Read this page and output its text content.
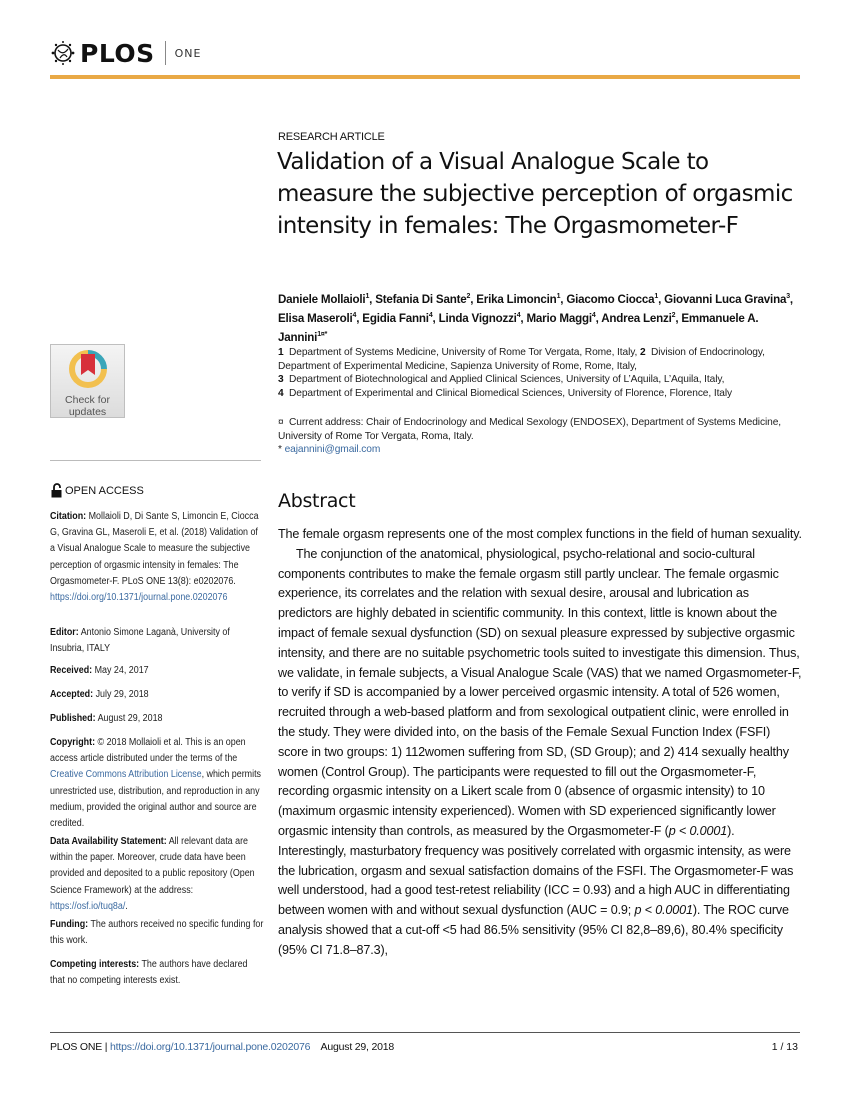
PLOS ONE
Check for
updates
OPEN ACCESS
Citation: Mollaioli D, Di Sante S, Limoncin E, Ciocca G, Gravina GL, Maseroli E, et al. (2018) Validation of a Visual Analogue Scale to measure the subjective perception of orgasmic intensity in females: The Orgasmometer-F. PLoS ONE 13(8): e0202076. https://doi.org/10.1371/journal.pone.0202076
Editor: Antonio Simone Laganà, University of Insubria, ITALY
Received: May 24, 2017
Accepted: July 29, 2018
Published: August 29, 2018
Copyright: © 2018 Mollaioli et al. This is an open access article distributed under the terms of the Creative Commons Attribution License, which permits unrestricted use, distribution, and reproduction in any medium, provided the original author and source are credited.
Data Availability Statement: All relevant data are within the paper. Moreover, crude data have been provided and deposited to a public repository (Open Science Framework) at the address: https://osf.io/tuq8a/.
Funding: The authors received no specific funding for this work.
Competing interests: The authors have declared that no competing interests exist.
RESEARCH ARTICLE
Validation of a Visual Analogue Scale to measure the subjective perception of orgasmic intensity in females: The Orgasmometer-F
Daniele Mollaioli$^1$, Stefania Di Sante$^2$, Erika Limoncin$^1$, Giacomo Ciocca$^1$, Giovanni Luca Gravina$^3$, Elisa Maseroli$^4$, Egidia Fanni$^4$, Linda Vignozzi$^4$, Mario Maggi$^4$, Andrea Lenzi$^2$, Emmanuele A. Jannini$^{1¤*}$
1 Department of Systems Medicine, University of Rome Tor Vergata, Rome, Italy, 2 Division of Endocrinology, Department of Experimental Medicine, Sapienza University of Rome, Rome, Italy,
3 Department of Biotechnological and Applied Clinical Sciences, University of L’Aquila, L’Aquila, Italy,
4 Department of Experimental and Clinical Biomedical Sciences, University of Florence, Florence, Italy
¤ Current address: Chair of Endocrinology and Medical Sexology (ENDOSEX), Department of Systems Medicine, University of Rome Tor Vergata, Roma, Italy.
* eajannini@gmail.com
Abstract

The female orgasm represents one of the most complex functions in the field of human sexuality.

The conjunction of the anatomical, physiological, psycho-relational and socio-cultural components contributes to make the female orgasm still partly unclear. The female orgasmic experience, its correlates and the relation with sexual desire, arousal and lubrication as predictors are highly debated in scientific community. In this context, little is known about the impact of female sexual dysfunction (SD) on sexual pleasure expressed by subjective orgasmic intensity, and there are no suitable psychometric tools suited to investigate this dimension. Thus, we validate, in female subjects, a Visual Analogue Scale (VAS) that we named Orgasmometer-F, to verify if SD is accompanied by a lower perceived orgasmic intensity. A total of 526 women, recruited through a web-based platform and from sexological outpatient clinic, were enrolled in the study. They were divided into, on the basis of the Female Sexual Function Index (FSFI) score in two groups: 1) 112women suffering from SD, (SD Group); and 2) 414 sexually healthy women (Control Group). The participants were requested to fill out the Orgasmometer-F, recording orgasmic intensity on a Likert scale from 0 (absence of orgasmic intensity) to 10 (maximum orgasmic intensity experienced). Women with SD experienced significantly lower orgasmic intensity than controls, as measured by the Orgasmometer-F (p < 0.0001). Interestingly, masturbatory frequency was positively correlated with orgasmic intensity, as were the lubrication, orgasm and sexual satisfaction domains of the FSFI. The Orgasmometer-F was well understood, had a good test-retest reliability (ICC = 0.93) and a high AUC in differentiating between women with and without sexual dysfunction (AUC = 0.9; p < 0.0001). The ROC curve analysis showed that a cut-off <5 had 86.5% sensitivity (95% CI 82,8–89,6), 80.4% specificity (95% CI 71.8–87.3),

PLOS ONE | https://doi.org/10.1371/journal.pone.0202076 August 29, 2018	1 / 13
